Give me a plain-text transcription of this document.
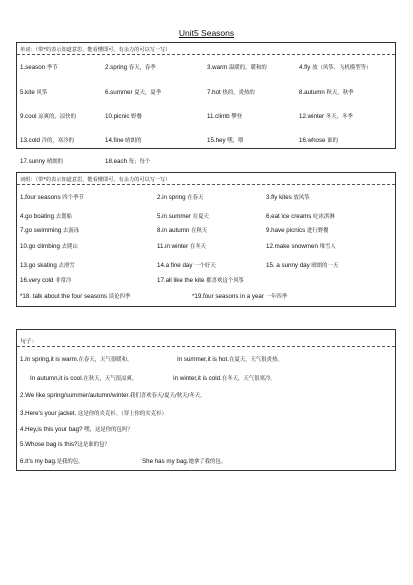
Unit5 Seasons
单词：（带*的表示知道意思，能看懂即可，有余力的可以写一写）
1.season 季节	2.spring 春天，春季	3.warm 温暖的，暖和的	4.fly 放（风筝、飞机模型等）
5.kite 风筝	6.summer 夏天，夏季	7.hot 热的，炎热的	8.autumn 秋天，秋季
9.cool 凉爽的，凉快的	10.picnic 野餐	11.climb 攀登	12.winter 冬天，冬季
13.cold 冷的，寒冷的	14.fine 晴朗的	15.hey 嘿，喂	16.whose 谁的
17.sunny 晴朗的	18.each 每；每个
词组：（带*的表示知道意思，能看懂即可，有余力的可以写一写）
1.four seasons 四个季节	2.in spring 在春天	3.fly kites 放风筝
4.go boating 去划船	5.in summer 在夏天	6.eat ice creams 吃冰淇淋
7.go swimming 去游泳	8.in autumn 在秋天	9.have picnics 进行野餐
10.go climbing 去爬山	11.in winter 在冬天	12.make snowmen 堆雪人
13.go skating 去滑雪	14.a fine day 一个好天	15. a sunny day 晴朗的一天
16.very cold 非常冷	17.all like the kite 都喜欢这个风筝
*18. talk about the four seasons 谈论四季	*19.four seasons in a year 一年四季
句子：
1.In spring,it is warm.在春天，天气很暖和。	In summer,it is hot.在夏天，天气很炎热。
In autumn,it is cool.在秋天，天气很凉爽。	In winter,it is cold.在冬天，天气很寒冷。
2.We like spring/summer/autumn/winter.我们喜欢春天/夏天/秋天/冬天。
3.Here's your jacket. 这是你的夹克衫。（穿上你的夹克衫）
4.Hey,is this your bag? 嘿，这是你的包吗？
5.Whose bag is this?这是谁的包？
6.It's my bag.是我的包。	She has my bag.她拿了我的包。
